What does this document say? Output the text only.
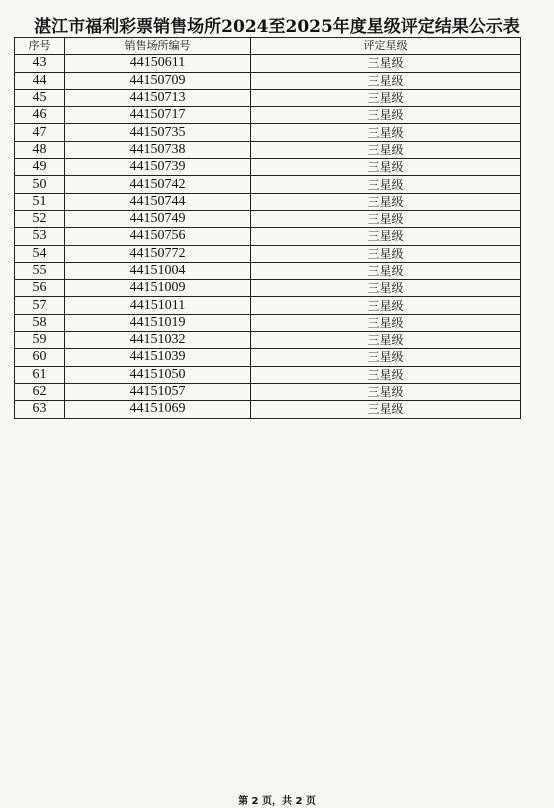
湛江市福利彩票销售场所2024至2025年度星级评定结果公示表
序号	销售场所编号	评定星级
43	44150611	三星级
44	44150709	三星级
45	44150713	三星级
46	44150717	三星级
47	44150735	三星级
48	44150738	三星级
49	44150739	三星级
50	44150742	三星级
51	44150744	三星级
52	44150749	三星级
53	44150756	三星级
54	44150772	三星级
55	44151004	三星级
56	44151009	三星级
57	44151011	三星级
58	44151019	三星级
59	44151032	三星级
60	44151039	三星级
61	44151050	三星级
62	44151057	三星级
63	44151069	三星级
第 2 页，共 2 页
